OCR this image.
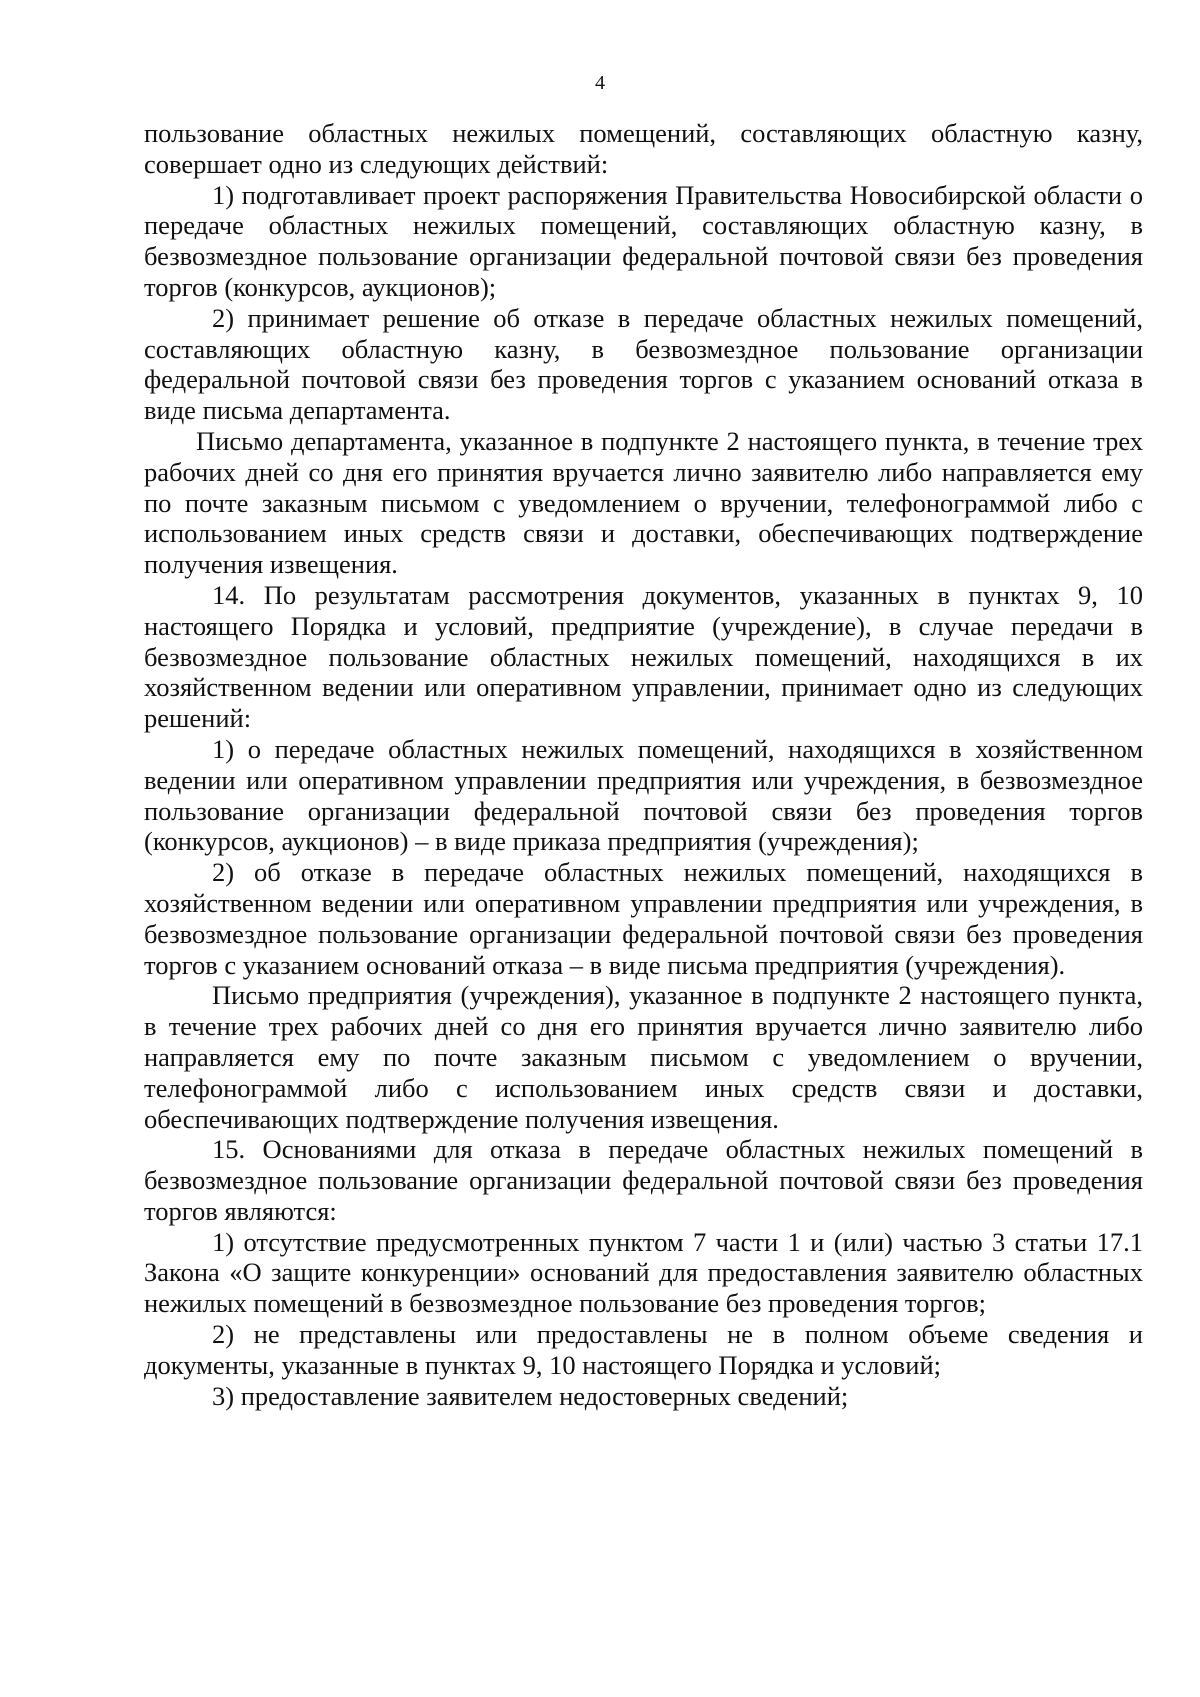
4

пользование областных нежилых помещений, составляющих областную казну, совершает одно из следующих действий:

1) подготавливает проект распоряжения Правительства Новосибирской области о передаче областных нежилых помещений, составляющих областную казну, в безвозмездное пользование организации федеральной почтовой связи без проведения торгов (конкурсов, аукционов);

2) принимает решение об отказе в передаче областных нежилых помещений, составляющих областную казну, в безвозмездное пользование организации федеральной почтовой связи без проведения торгов с указанием оснований отказа в виде письма департамента.

Письмо департамента, указанное в подпункте 2 настоящего пункта, в течение трех рабочих дней со дня его принятия вручается лично заявителю либо направляется ему по почте заказным письмом с уведомлением о вручении, телефонограммой либо с использованием иных средств связи и доставки, обеспечивающих подтверждение получения извещения.

14. По результатам рассмотрения документов, указанных в пунктах 9, 10 настоящего Порядка и условий, предприятие (учреждение), в случае передачи в безвозмездное пользование областных нежилых помещений, находящихся в их хозяйственном ведении или оперативном управлении, принимает одно из следующих решений:

1) о передаче областных нежилых помещений, находящихся в хозяйственном ведении или оперативном управлении предприятия или учреждения, в безвозмездное пользование организации федеральной почтовой связи без проведения торгов (конкурсов, аукционов) – в виде приказа предприятия (учреждения);

2) об отказе в передаче областных нежилых помещений, находящихся в хозяйственном ведении или оперативном управлении предприятия или учреждения, в безвозмездное пользование организации федеральной почтовой связи без проведения торгов с указанием оснований отказа – в виде письма предприятия (учреждения).

Письмо предприятия (учреждения), указанное в подпункте 2 настоящего пункта, в течение трех рабочих дней со дня его принятия вручается лично заявителю либо направляется ему по почте заказным письмом с уведомлением о вручении, телефонограммой либо с использованием иных средств связи и доставки, обеспечивающих подтверждение получения извещения.

15. Основаниями для отказа в передаче областных нежилых помещений в безвозмездное пользование организации федеральной почтовой связи без проведения торгов являются:

1) отсутствие предусмотренных пунктом 7 части 1 и (или) частью 3 статьи 17.1 Закона «О защите конкуренции» оснований для предоставления заявителю областных нежилых помещений в безвозмездное пользование без проведения торгов;

2) не представлены или предоставлены не в полном объеме сведения и документы, указанные в пунктах 9, 10 настоящего Порядка и условий;

3) предоставление заявителем недостоверных сведений;
